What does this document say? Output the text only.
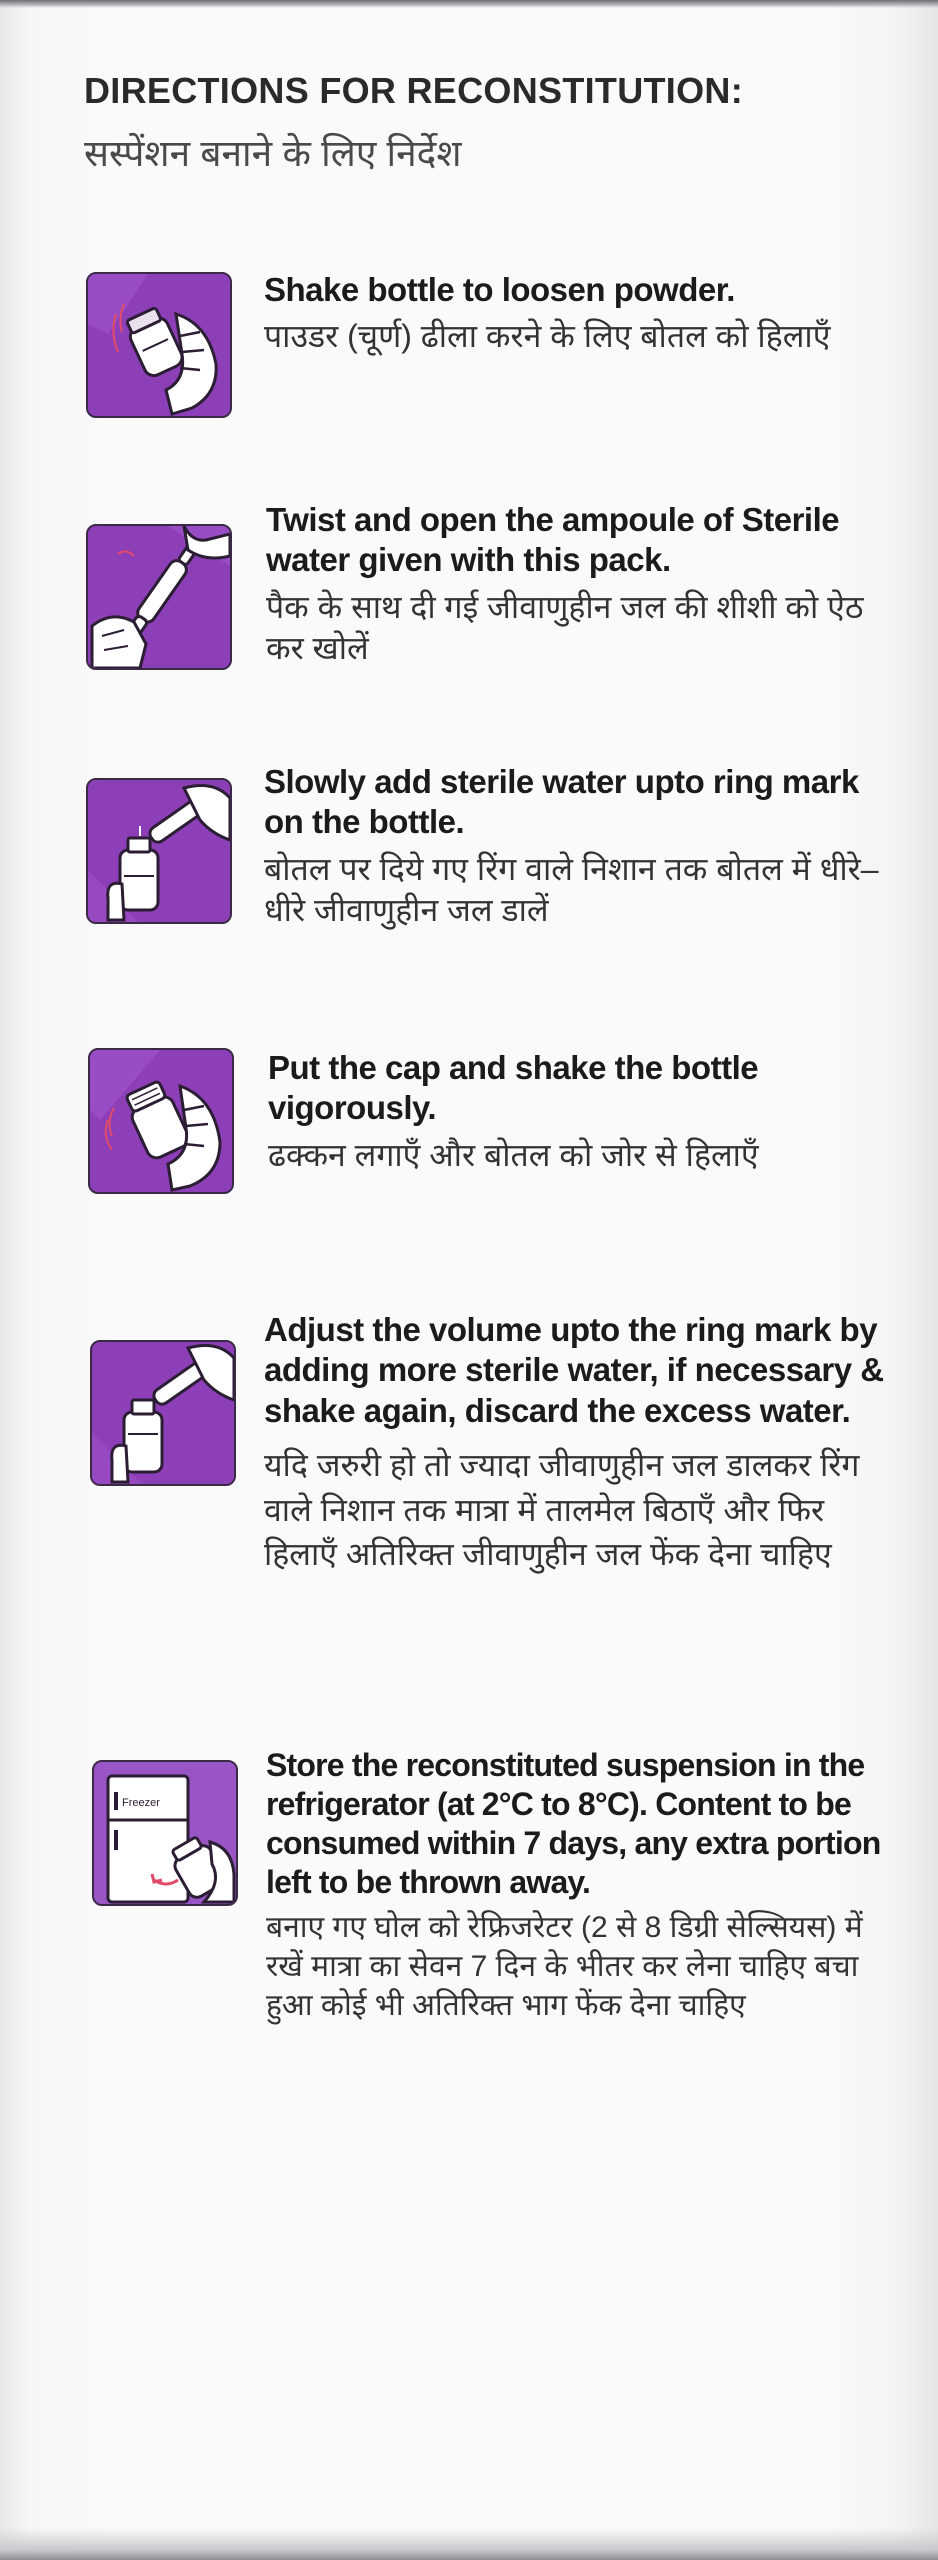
DIRECTIONS FOR RECONSTITUTION:
सस्पेंशन बनाने के लिए निर्देश
Shake bottle to loosen powder.
पाउडर (चूर्ण) ढीला करने के लिए बोतल को हिलाएँ
Twist and open the ampoule of Sterile water given with this pack.
पैक के साथ दी गई जीवाणुहीन जल की शीशी को ऐठ कर खोलें
Slowly add sterile water upto ring mark on the bottle.
बोतल पर दिये गए रिंग वाले निशान तक बोतल में धीरे–धीरे जीवाणुहीन जल डालें
Put the cap and shake the bottle vigorously.
ढक्कन लगाएँ और बोतल को जोर से हिलाएँ
Adjust the volume upto the ring mark by adding more sterile water, if necessary & shake again, discard the excess water.
यदि जरुरी हो तो ज्यादा जीवाणुहीन जल डालकर रिंग वाले निशान तक मात्रा में तालमेल बिठाएँ और फिर हिलाएँ अतिरिक्त जीवाणुहीन जल फेंक देना चाहिए
Freezer
Store the reconstituted suspension in the refrigerator (at 2°C to 8°C). Content to be consumed within 7 days, any extra portion left to be thrown away.
बनाए गए घोल को रेफ्रिजरेटर (2 से 8 डिग्री सेल्सियस) में रखें मात्रा का सेवन 7 दिन के भीतर कर लेना चाहिए बचा हुआ कोई भी अतिरिक्त भाग फेंक देना चाहिए
